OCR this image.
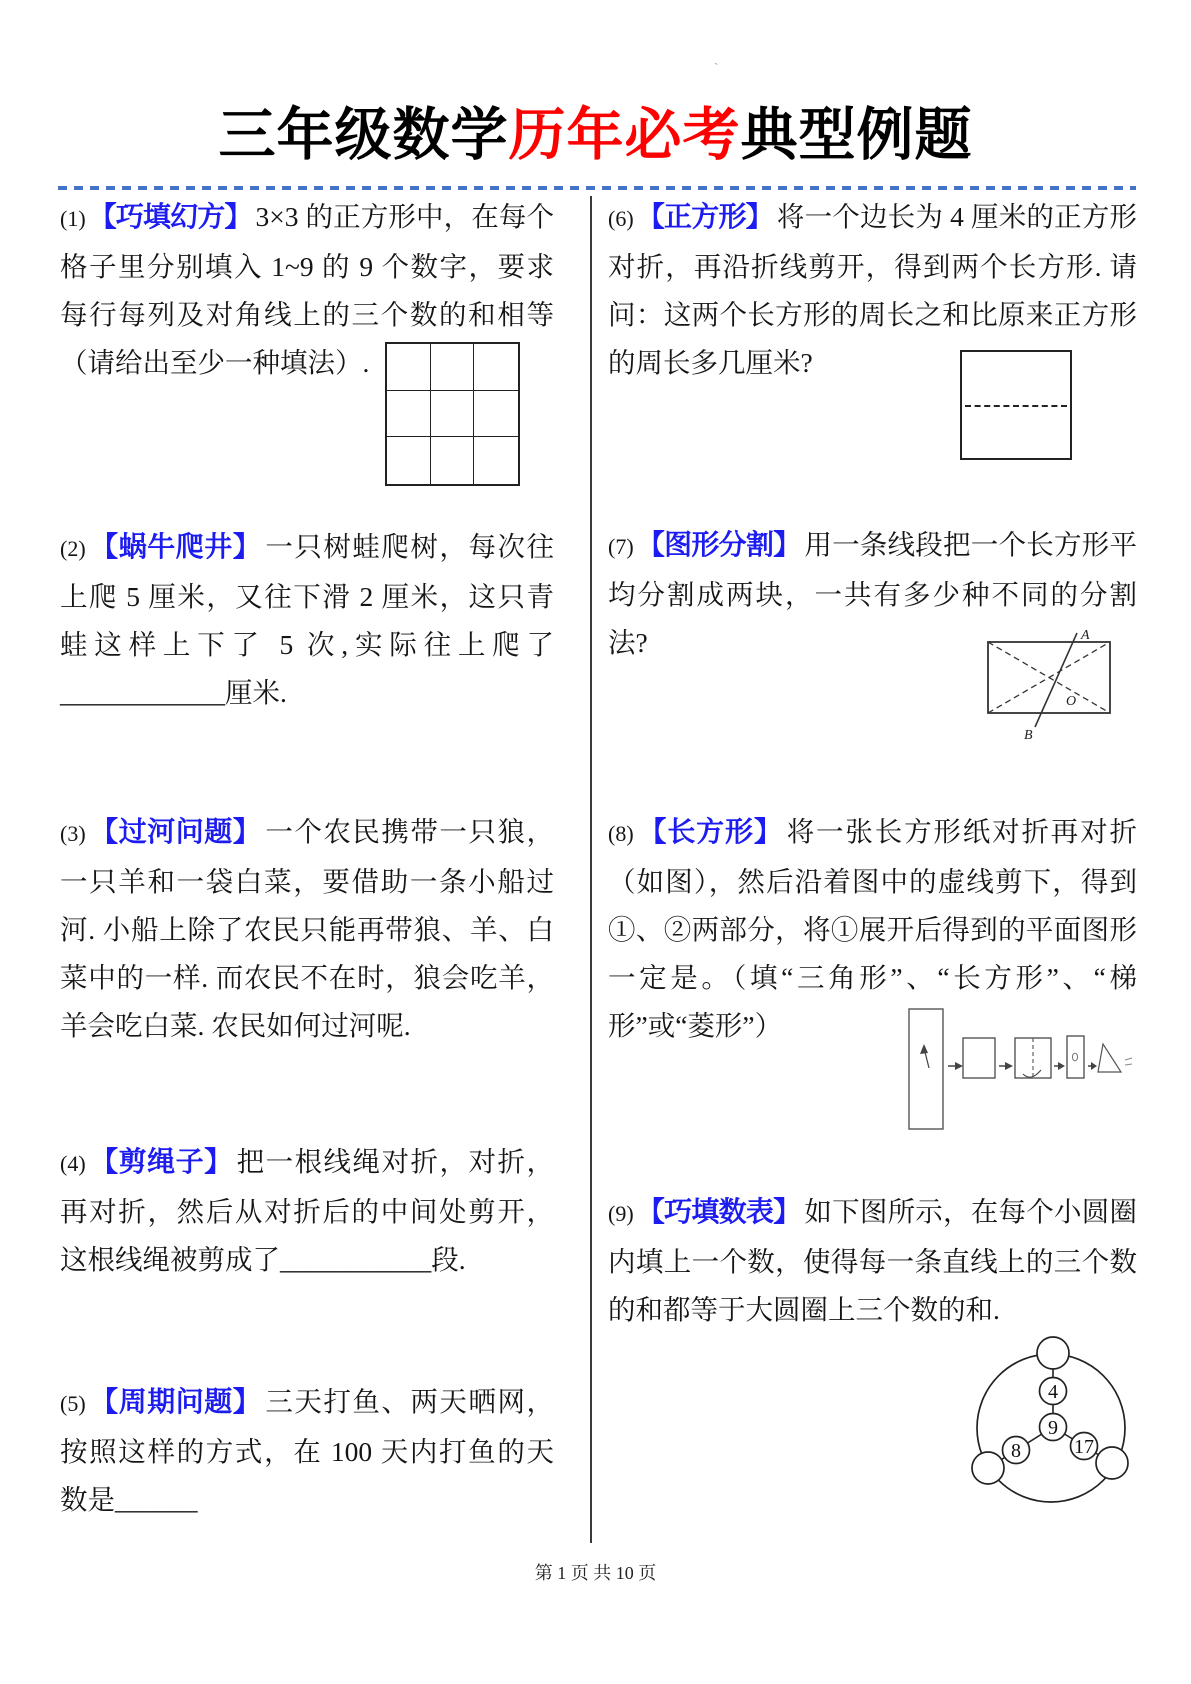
`
三年级数学历年必考典型例题
(1) 【巧填幻方】 3×3 的正方形中，在每个格子里分别填入 1~9 的 9 个数字，要求每行每列及对角线上的三个数的和相等（请给出至少一种填法）.
(2) 【蜗牛爬井】 一只树蛙爬树，每次往上爬 5 厘米，又往下滑 2 厘米，这只青蛙这样上下了 5 次,实际往上爬了____________厘米.
(3) 【过河问题】 一个农民携带一只狼，一只羊和一袋白菜，要借助一条小船过河. 小船上除了农民只能再带狼、羊、白菜中的一样. 而农民不在时，狼会吃羊，羊会吃白菜. 农民如何过河呢.
(4) 【剪绳子】 把一根线绳对折，对折，再对折，然后从对折后的中间处剪开，这根线绳被剪成了___________段.
(5) 【周期问题】 三天打鱼、两天晒网，按照这样的方式，在 100 天内打鱼的天数是______
(6) 【正方形】 将一个边长为 4 厘米的正方形对折，再沿折线剪开，得到两个长方形. 请问：这两个长方形的周长之和比原来正方形的周长多几厘米?
(7) 【图形分割】 用一条线段把一个长方形平均分割成两块，一共有多少种不同的分割法?
(8) 【长方形】 将一张长方形纸对折再对折（如图），然后沿着图中的虚线剪下，得到①、②两部分，将①展开后得到的平面图形一定是。（填“三角形”、“长方形”、“梯形”或“菱形”）
(9) 【巧填数表】 如下图所示，在每个小圆圈内填上一个数，使得每一条直线上的三个数的和都等于大圆圈上三个数的和.
A
O
B
4
9
8	17
第 1 页 共 10 页
